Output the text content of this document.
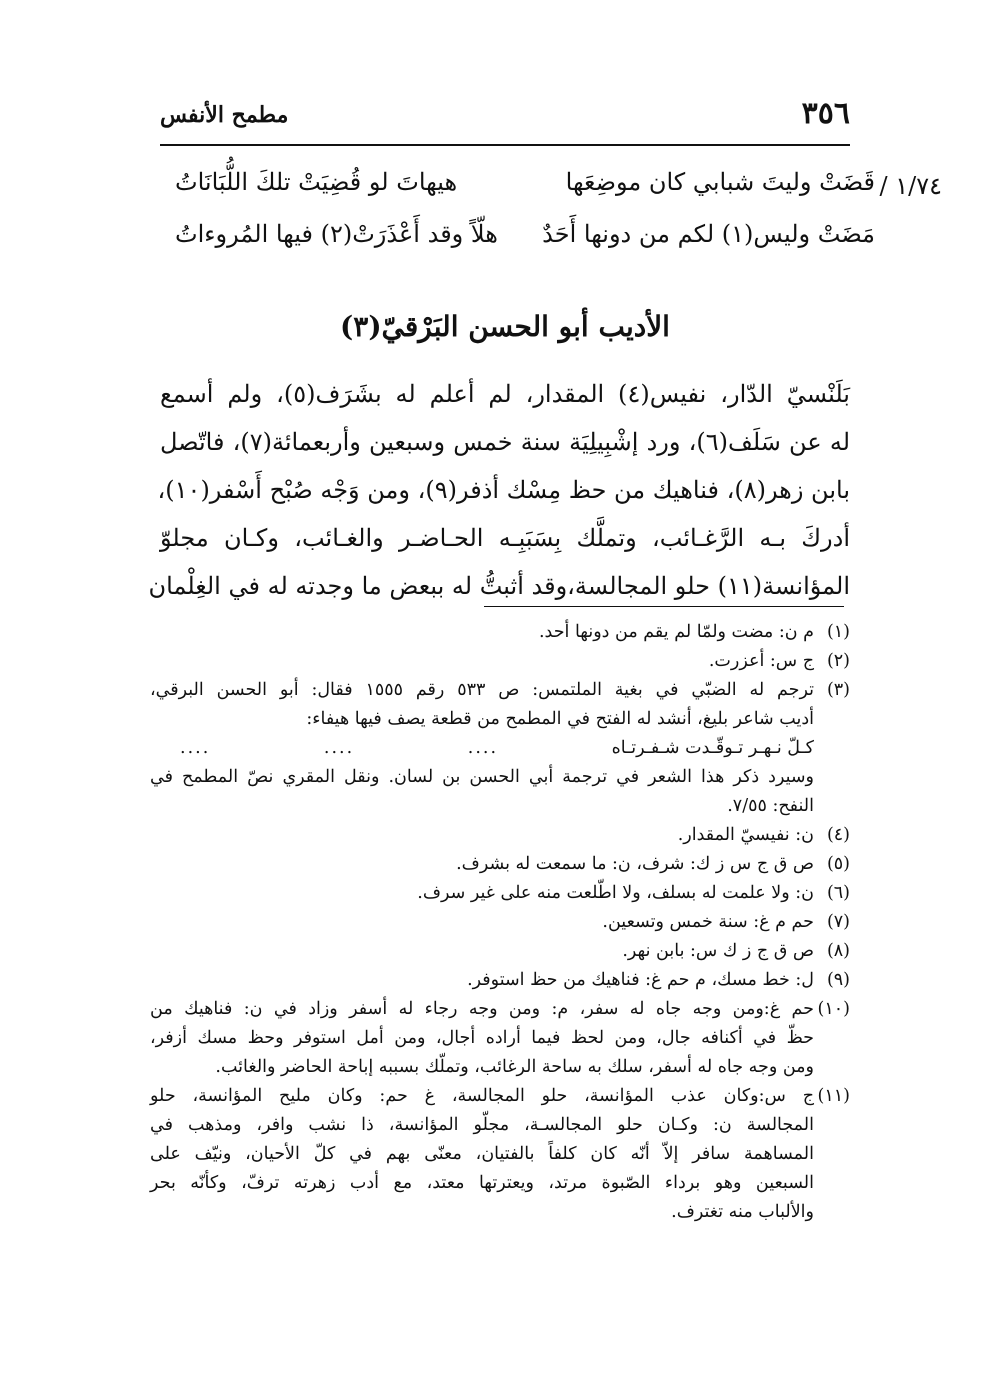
٣٥٦
مطمح الأنفس
١/٧٤ /
قَضَتْ وليتَ شبابي كان موضِعَها
هيهاتَ لو قُضِيَتْ تلكَ اللُّبَانَاتُ
مَضَتْ وليس(١) لكم من دونها أَحَدٌ
هلّاً وقد أَعْذَرَتْ(٢) فيها المُروءاتُ
الأديب أبو الحسن البَرْقيّ(٣)
بَلَنْسيّ الدّار، نفيس(٤) المقدار، لم أعلم له بشَرَف(٥)، ولم أسمع
له عن سَلَف(٦)، ورد إشْبِيلِيَة سنة خمس وسبعين وأربعمائة(٧)، فاتّصل
بابن زهر(٨)، فناهيك من حظ مِسْك أذفر(٩)، ومن وَجْه صُبْح أَسْفر(١٠)،
أدركَ بـه الرَّغـائب، وتملَّك بِسَبَبِـه الحـاضـر والغـائب، وكـان مجلوّ
المؤانسة(١١) حلو المجالسة،وقد أثبتُّ له ببعض ما وجدته له في الغِلْمان
(١)
م ن: مضت ولمّا لم يقم من دونها أحد.
(٢)
ج س: أعزرت.
(٣)
ترجم له الضبّي في بغية الملتمس: ص ٥٣٣ رقم ١٥٥٥ فقال: أبو الحسن البرقي،
أديب شاعر بليغ، أنشد له الفتح في المطمح من قطعة يصف فيها هيفاء:
كـلّ نـهـر تـوقّـدت شـفـرتـاه
....
....
....
وسيرد ذكر هذا الشعر في ترجمة أبي الحسن بن لسان. ونقل المقري نصّ المطمح في
النفح: ٧/٥٥.
(٤)
ن: نفيسيّ المقدار.
(٥)
ص ق ج س ز ك: شرف، ن: ما سمعت له بشرف.
(٦)
ن: ولا علمت له بسلف، ولا اطّلعت منه على غير سرف.
(٧)
حم م غ: سنة خمس وتسعين.
(٨)
ص ق ج ز ك س: بابن نهر.
(٩)
ل: خط مسك، م حم غ: فناهيك من حظ استوفر.
(١٠)
حم غ:ومن وجه جاه له سفر، م: ومن وجه رجاء له أسفر وزاد في ن: فناهيك من
حظّ في أكنافه جال، ومن لحظ فيما أراده أجال، ومن أمل استوفر وحظ مسك أزفر،
ومن وجه جاه له أسفر، سلك به ساحة الرغائب، وتملّك بسببه إباحة الحاضر والغائب.
(١١)
ج س:وكان عذب المؤانسة، حلو المجالسة، غ حم: وكان مليح المؤانسة، حلو
المجالسة ن: وكـان حلو المجالسـة، مجلّو المؤانسة، ذا نشب وافر، ومذهب في
المساهمة سافر إلاّ أنّه كان كلفاً بالفتيان، معنّى بهم في كلّ الأحيان، ونيّف على
السبعين وهو برداء الصّبوة مرتد، ويعترتها معتد، مع أدب زهرته ترفّ، وكأنّه بحر
والألباب منه تغترف.
